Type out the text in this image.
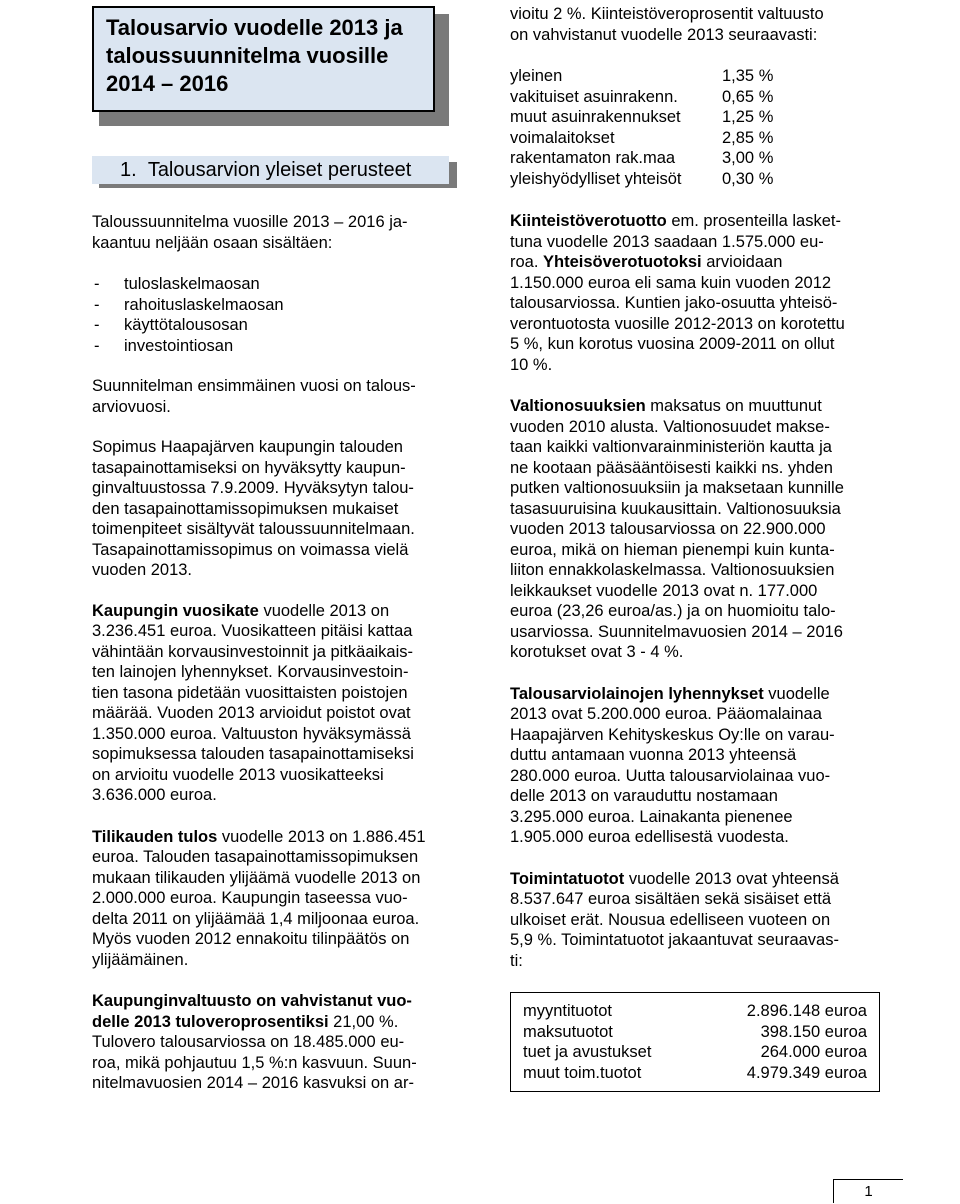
Talousarvio vuodelle 2013 ja
taloussuunnitelma vuosille
2014 – 2016
1. Talousarvion yleiset perusteet

Taloussuunnitelma vuosille 2013 – 2016 ja-
kaantuu neljään osaan sisältäen:

-	tuloslaskelmaosan
-	rahoituslaskelmaosan
-	käyttötalousosan
-	investointiosan

Suunnitelman ensimmäinen vuosi on talous-
arviovuosi.

Sopimus Haapajärven kaupungin talouden
tasapainottamiseksi on hyväksytty kaupun-
ginvaltuustossa 7.9.2009. Hyväksytyn talou-
den tasapainottamissopimuksen mukaiset
toimenpiteet sisältyvät taloussuunnitelmaan.
Tasapainottamissopimus on voimassa vielä
vuoden 2013.

Kaupungin vuosikate vuodelle 2013 on
3.236.451 euroa. Vuosikatteen pitäisi kattaa
vähintään korvausinvestoinnit ja pitkäaikais-
ten lainojen lyhennykset. Korvausinvestoin-
tien tasona pidetään vuosittaisten poistojen
määrää. Vuoden 2013 arvioidut poistot ovat
1.350.000 euroa. Valtuuston hyväksymässä
sopimuksessa talouden tasapainottamiseksi
on arvioitu vuodelle 2013 vuosikatteeksi
3.636.000 euroa.

Tilikauden tulos vuodelle 2013 on 1.886.451
euroa. Talouden tasapainottamissopimuksen
mukaan tilikauden ylijäämä vuodelle 2013 on
2.000.000 euroa. Kaupungin taseessa vuo-
delta 2011 on ylijäämää 1,4 miljoonaa euroa.
Myös vuoden 2012 ennakoitu tilinpäätös on
ylijäämäinen.

Kaupunginvaltuusto on vahvistanut vuo-
delle 2013 tuloveroprosentiksi 21,00 %.
Tulovero talousarviossa on 18.485.000 eu-
roa, mikä pohjautuu 1,5 %:n kasvuun. Suun-
nitelmavuosien 2014 – 2016 kasvuksi on ar-

vioitu 2 %. Kiinteistöveroprosentit valtuusto
on vahvistanut vuodelle 2013 seuraavasti:

yleinen	1,35 %
vakituiset asuinrakenn.	0,65 %
muut asuinrakennukset	1,25 %
voimalaitokset	2,85 %
rakentamaton rak.maa	3,00 %
yleishyödylliset yhteisöt	0,30 %

Kiinteistöverotuotto em. prosenteilla lasket-
tuna vuodelle 2013 saadaan 1.575.000 eu-
roa. Yhteisöverotuotoksi arvioidaan
1.150.000 euroa eli sama kuin vuoden 2012
talousarviossa. Kuntien jako-osuutta yhteisö-
verontuotosta vuosille 2012-2013 on korotettu
5 %, kun korotus vuosina 2009-2011 on ollut
10 %.

Valtionosuuksien maksatus on muuttunut
vuoden 2010 alusta. Valtionosuudet makse-
taan kaikki valtionvarainministeriön kautta ja
ne kootaan pääsääntöisesti kaikki ns. yhden
putken valtionosuuksiin ja maksetaan kunnille
tasasuuruisina kuukausittain. Valtionosuuksia
vuoden 2013 talousarviossa on 22.900.000
euroa, mikä on hieman pienempi kuin kunta-
liiton ennakkolaskelmassa. Valtionosuuksien
leikkaukset vuodelle 2013 ovat n. 177.000
euroa (23,26 euroa/as.) ja on huomioitu talo-
usarviossa. Suunnitelmavuosien 2014 – 2016
korotukset ovat 3 - 4 %.

Talousarviolainojen lyhennykset vuodelle
2013 ovat 5.200.000 euroa. Pääomalainaa
Haapajärven Kehityskeskus Oy:lle on varau-
duttu antamaan vuonna 2013 yhteensä
280.000 euroa. Uutta talousarviolainaa vuo-
delle 2013 on varauduttu nostamaan
3.295.000 euroa. Lainakanta pienenee
1.905.000 euroa edellisestä vuodesta.

Toimintatuotot vuodelle 2013 ovat yhteensä
8.537.647 euroa sisältäen sekä sisäiset että
ulkoiset erät. Nousua edelliseen vuoteen on
5,9 %. Toimintatuotot jakaantuvat seuraavas-
ti:

myyntituotot	2.896.148 euroa
maksutuotot	398.150 euroa
tuet ja avustukset	264.000 euroa
muut toim.tuotot	4.979.349 euroa
1
